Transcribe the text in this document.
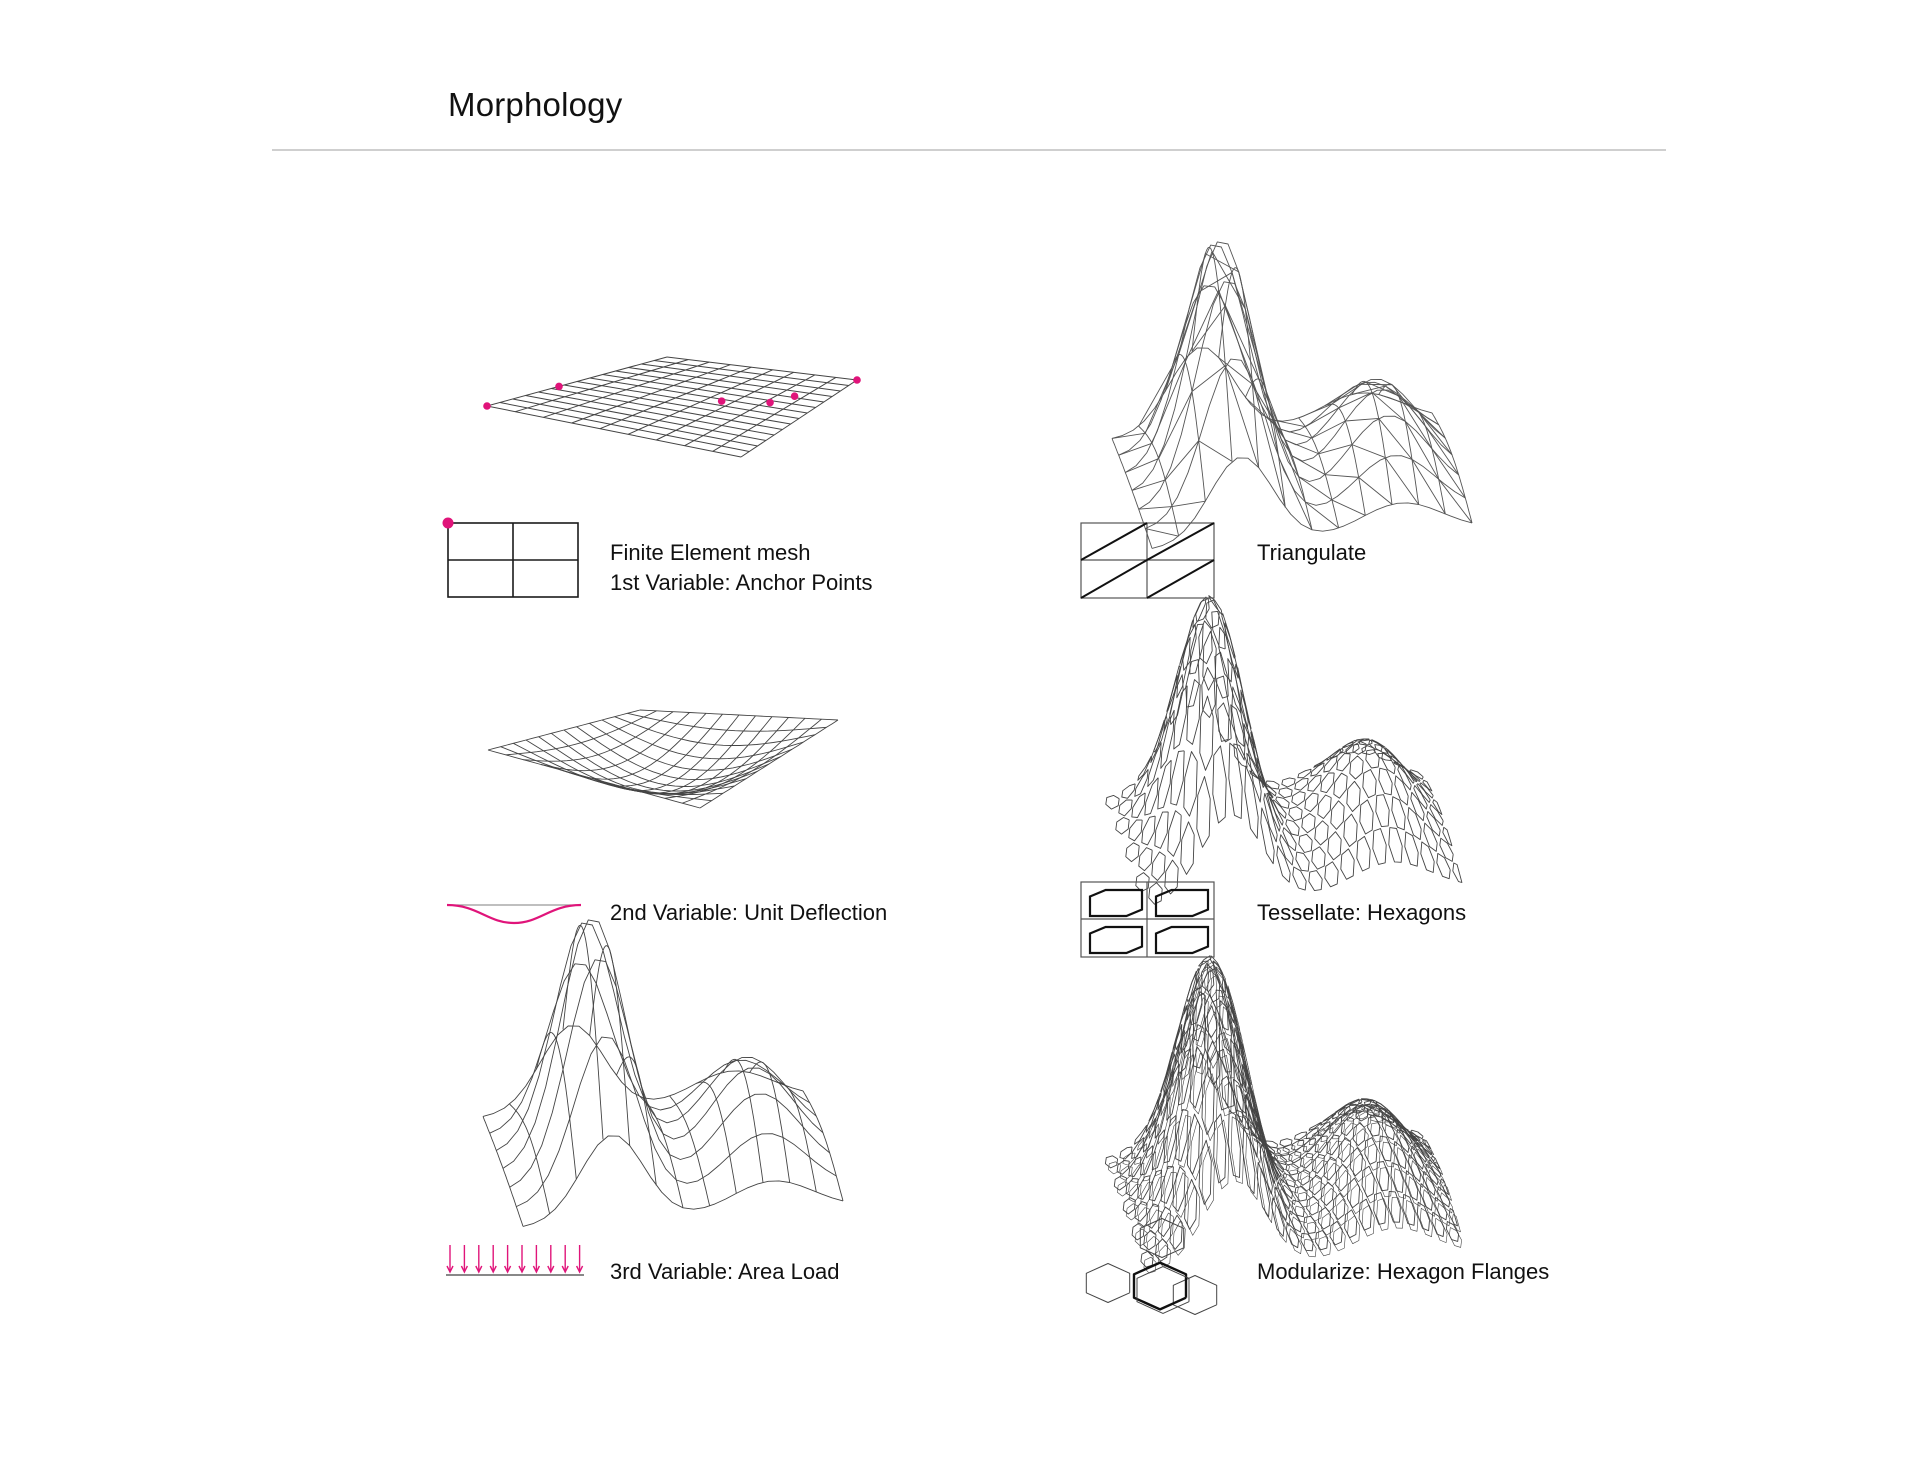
Morphology
Finite Element mesh
1st Variable: Anchor Points
2nd Variable: Unit Deflection
3rd Variable: Area Load
Triangulate
Tessellate: Hexagons
Modularize: Hexagon Flanges
